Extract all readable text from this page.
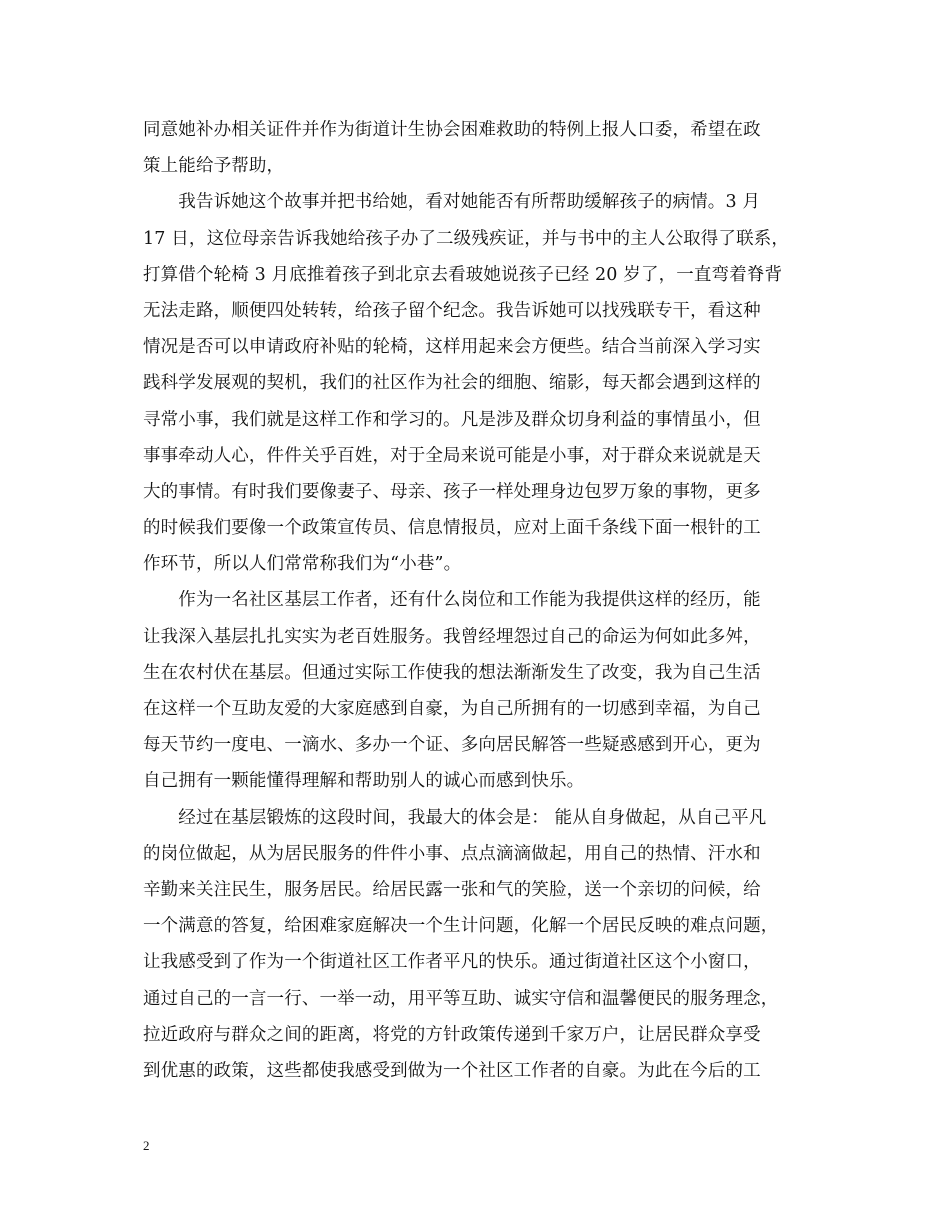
同意她补办相关证件并作为街道计生协会困难救助的特例上报人口委，希望在政
策上能给予帮助，
　　我告诉她这个故事并把书给她，看对她能否有所帮助缓解孩子的病情。3 月
17 日，这位母亲告诉我她给孩子办了二级残疾证，并与书中的主人公取得了联系，
打算借个轮椅 3 月底推着孩子到北京去看玻她说孩子已经 20 岁了，一直弯着脊背
无法走路，顺便四处转转，给孩子留个纪念。我告诉她可以找残联专干，看这种
情况是否可以申请政府补贴的轮椅，这样用起来会方便些。结合当前深入学习实
践科学发展观的契机，我们的社区作为社会的细胞、缩影，每天都会遇到这样的
寻常小事，我们就是这样工作和学习的。凡是涉及群众切身利益的事情虽小，但
事事牵动人心，件件关乎百姓，对于全局来说可能是小事，对于群众来说就是天
大的事情。有时我们要像妻子、母亲、孩子一样处理身边包罗万象的事物，更多
的时候我们要像一个政策宣传员、信息情报员，应对上面千条线下面一根针的工
作环节，所以人们常常称我们为“小巷”。
　　作为一名社区基层工作者，还有什么岗位和工作能为我提供这样的经历，能
让我深入基层扎扎实实为老百姓服务。我曾经埋怨过自己的命运为何如此多舛，
生在农村伏在基层。但通过实际工作使我的想法渐渐发生了改变，我为自己生活
在这样一个互助友爱的大家庭感到自豪，为自己所拥有的一切感到幸福，为自己
每天节约一度电、一滴水、多办一个证、多向居民解答一些疑惑感到开心，更为
自己拥有一颗能懂得理解和帮助别人的诚心而感到快乐。
　　经过在基层锻炼的这段时间，我最大的体会是： 能从自身做起，从自己平凡
的岗位做起，从为居民服务的件件小事、点点滴滴做起，用自己的热情、汗水和
辛勤来关注民生，服务居民。给居民露一张和气的笑脸，送一个亲切的问候，给
一个满意的答复，给困难家庭解决一个生计问题，化解一个居民反映的难点问题，
让我感受到了作为一个街道社区工作者平凡的快乐。通过街道社区这个小窗口，
通过自己的一言一行、一举一动，用平等互助、诚实守信和温馨便民的服务理念，
拉近政府与群众之间的距离，将党的方针政策传递到千家万户，让居民群众享受
到优惠的政策，这些都使我感受到做为一个社区工作者的自豪。为此在今后的工
2
